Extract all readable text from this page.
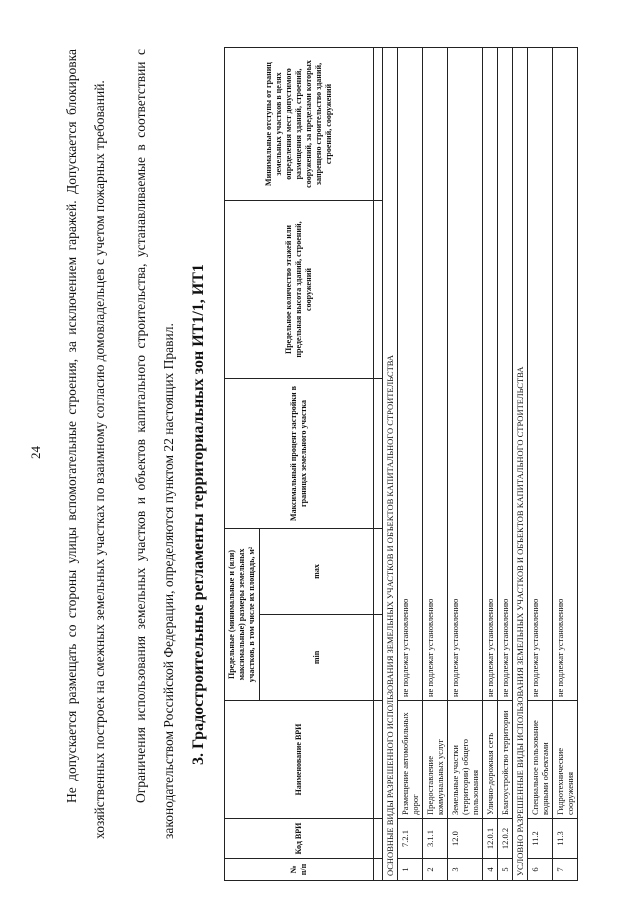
24	Не допускается размещать со стороны улицы вспомогательные строения, за исключением гаражей. Допускается блокировка хозяйственных построек на смежных земельных участках по взаимному согласию домовладельцев с учетом пожарных требований.	Ограничения использования земельных участков и объектов капитального строительства, устанавливаемые в соответствии с законодательством Российской Федерации, определяются пунктом 22 настоящих Правил. 3. Градостроительные регламенты территориальных зон ИТ1/1, ИТ1
№ п/п	Код ВРИ	Наименование ВРИ	Предельные (минимальные и (или) максимальные) размеры земельных участков, в том числе их площадь, м²		Максимальный процент застройки в границах земельного участка	Предельное количество этажей или предельная высота зданий, строений, сооружений	Минимальные отступы от границ земельных участков в целях определения мест допустимого размещения зданий, строений, сооружений, за пределами которых запрещено строительство зданий, строений, сооружений
			min	max			

ОСНОВНЫЕ ВИДЫ РАЗРЕШЕННОГО ИСПОЛЬЗОВАНИЯ ЗЕМЕЛЬНЫХ УЧАСТКОВ И ОБЪЕКТОВ КАПИТАЛЬНОГО СТРОИТЕЛЬСТВА							
1	7.2.1	Размещение автомобильных дорог	не подлежат установлению				
2	3.1.1	Предоставление коммунальных услуг	не подлежат установлению				
3	12.0	Земельные участки (территории) общего пользования	не подлежат установлению				
4	12.0.1	Улично-дорожная сеть	не подлежат установлению				
5	12.0.2	Благоустройство территории	не подлежат установлению				
УСЛОВНО РАЗРЕШЕННЫЕ ВИДЫ ИСПОЛЬЗОВАНИЯ ЗЕМЕЛЬНЫХ УЧАСТКОВ И ОБЪЕКТОВ КАПИТАЛЬНОГО СТРОИТЕЛЬСТВА							
6	11.2	Специальное пользование водными объектами	не подлежат установлению				
7	11.3	Гидротехнические сооружения	не подлежат установлению				
